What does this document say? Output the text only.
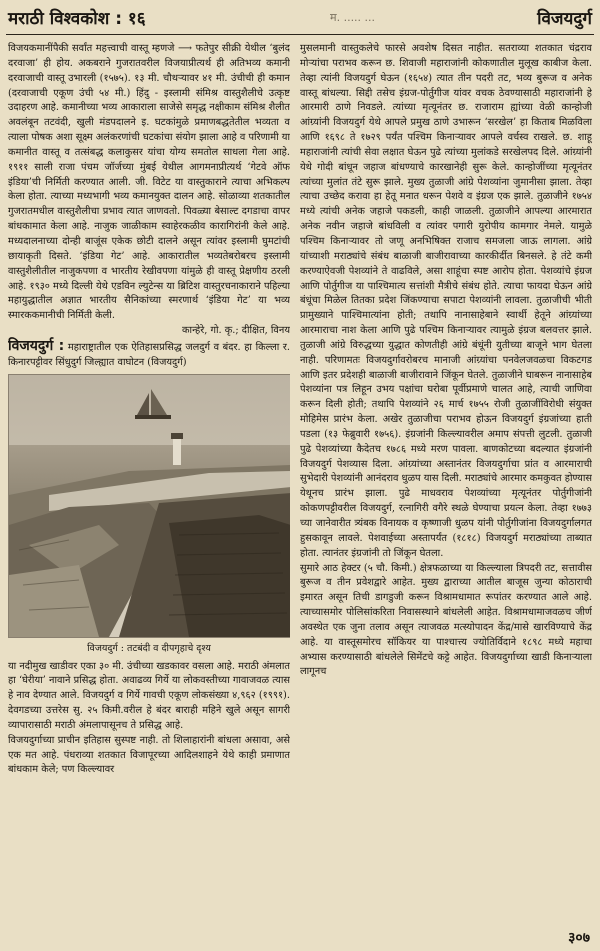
मराठी विश्वकोश : १६	म. ..... ...	विजयदुर्ग

विजयकमानींपैकी सर्वांत महत्त्वाची वास्तू म्हणजे ⟶ फतेपुर सीक्री येथील ‘बुलंद दरवाजा’ ही होय. अकबराने गुजरातवरील विजयाप्रीत्यर्थ ही अतिभव्य कमानी दरवाजाची वास्तू उभारली (१५७५). १३ मी. चौथऱ्यावर ४१ मी. उंचीची ही कमान (दरवाजाची एकूण उंची ५४ मी.) हिंदु - इस्लामी संमिश्र वास्तुशैलीचे उत्कृष्ट उदाहरण आहे. कमानीच्या भव्य आकाराला साजेसे समृद्ध नक्षीकाम संमिश्र शैलीत अवलंबून तटवंदी, खुली मंडपदालने इ. घटकांमुळे प्रमाणबद्धतेतील भव्यता व त्याला पोषक अशा सूक्ष्म अलंकरणांची घटकांचा संयोग झाला आहे व परिणामी या कमानीत वास्तू व तत्संबद्ध कलाकुसर यांचा योग्य समतोल साधला गेला आहे. १९११ साली राजा पंचम जॉर्जच्या मुंबई येथील आगमनाप्रीत्यर्थ ‘गेटवे ऑफ इंडिया’ची निर्मिती करण्यात आली. जी. विटेट या वास्तुकाराने त्याचा अभिकल्प केला होता. त्याच्या मध्यभागी भव्य कमानयुक्त दालन आहे. सोळाव्या शतकातील गुजरातमधील वास्तुशैलीचा प्रभाव त्यात जाणवतो. पिवळ्या बेसाल्ट दगडाचा वापर बांधकामात केला आहे. नाजुक जाळीकाम स्वाहेरकळीव कारागिरांनी केले आहे. मध्यदालनाच्या दोन्ही बाजूंस एकेक छोटी दालने असून त्यांवर इस्लामी घुमटांची छायाकृती दिसते. ‘इंडिया गेट’ आहे. आकारातील भव्यतेबरोबरच इस्लामी वास्तुशैलीतील नाजुकपणा व भारतीय रेखीवपणा यांमुळे ही वास्तू प्रेक्षणीय ठरली आहे. १९३० मध्ये दिल्ली येथे एडविन ल्युटेन्स या ब्रिटिश वास्तुरचनाकाराने पहिल्या महायुद्धातील अज्ञात भारतीय सैनिकांच्या स्मरणार्थ ‘इंडिया गेट’ या भव्य स्मारककमानीची निर्मिती केली.

कान्हेरे, गो. कृ.; दीक्षित, विनय

विजयदुर्ग : महाराष्ट्रातील एक ऐतिहासप्रसिद्ध जलदुर्ग व बंदर. हा किल्ला र. किनारपट्टीवर सिंधुदुर्ग जिल्ह्यात वाघोटन (विजयदुर्ग)

विजयदुर्ग : तटबंदी व दीपगृहाचे दृश्य

या नदीमुख खाडीवर एका ३० मी. उंचीच्या खडकावर वसला आहे. मराठी अंमलात हा ‘घेरीया’ नावाने प्रसिद्ध होता. अवाढव्य गिर्ये या लोकवस्तीच्या गावाजवळ त्यास हे नाव देण्यात आले. विजयदुर्ग व गिर्ये गावची एकूण लोकसंख्या ४,९६२ (१९९१). देवगडच्या उत्तरेस सु. २५ किमी.वरील हे बंदर बाराही महिने खुले असून सागरी व्यापारासाठी मराठी अंमलापासूनच ते प्रसिद्ध आहे.

विजयदुर्गाच्या प्राचीन इतिहास सुस्पष्ट नाही. तो शिलाहारांनी बांधला असावा, असे एक मत आहे. पंधराव्या शतकात विजापूरच्या आदिलशाहने येथे काही प्रमाणात बांधकाम केले; पण किल्ल्यावर

मुसलमानी वास्तुकलेचे फारसे अवशेष दिसत नाहीत. सतराव्या शतकात चंद्रराव मोऱ्यांचा पराभव करून छ. शिवाजी महाराजांनी कोकणातील मुलूख काबीज केला. तेव्हा त्यांनी विजयदुर्ग घेऊन (१६५४) त्यात तीन पदरी तट, भव्य बुरूज व अनेक वास्तू बांधल्या. सिद्दी तसेच इंग्रज-पोर्तुगीज यांवर वचक ठेवण्यासाठी महाराजांनी हे आरमारी ठाणे निवडले. त्यांच्या मृत्यूनंतर छ. राजाराम ह्यांच्या वेळी कान्होजी आंग्र्यांनी विजयदुर्ग येथे आपले प्रमुख ठाणे उभारून ‘सरखेल’ हा किताब मिळविला आणि १६९८ ते १७२९ पर्यंत पश्चिम किनाऱ्यावर आपले वर्चस्व राखले. छ. शाहू महाराजांनी त्यांची सेवा लक्षात घेऊन पुढे त्यांच्या मुलांकडे सरखेलपद दिले. आंग्र्यांनी येथे गोदी बांधून जहाज बांधण्याचे कारखानेही सुरू केले. कान्होजींच्या मृत्यूनंतर त्यांच्या मुलांत तंटे सुरू झाले. मुख्य तुळाजी आंग्रे पेशव्यांना जुमानीसा झाला. तेव्हा त्याचा उच्छेद करावा हा हेतू मनात धरून पेशवे व इंग्रज एक झाले. तुळाजीने १७५४ मध्ये त्यांची अनेक जहाजे पकडली, काही जाळली. तुळाजीने आपल्या आरमारात अनेक नवीन जहाजे बांधविली व त्यांवर पगारी युरोपीय कामगार नेमले. यामुळे पश्चिम किनाऱ्यावर तो जणू अनभिषिक्त राजाच समजला जाऊ लागला. आंग्रे यांच्याशी मराठ्यांचे संबंध बाळाजी बाजीरावाच्या कारकीर्दीत बिनसले. हे तंटे कमी करण्याऐवजी पेशव्यांने ते वाढविले, असा शाहूंचा स्पष्ट आरोप होता. पेशव्यांचे इंग्रज आणि पोर्तुगीज या पाश्चिमात्य सत्तांशी मैत्रीचे संबंध होते. त्याचा फायदा घेऊन आंग्रे बंधूंचा मिळेल तितका प्रदेश जिंकण्याचा सपाटा पेशव्यांनी लावला. तुळाजीची भीती प्रामुख्याने पाश्चिमात्यांना होती; तथापि नानासाहेबाने स्वार्थी हेतूने आंग्र्यांच्या आरमाराचा नाश केला आणि पुढे पश्चिम किनाऱ्यावर त्यामुळे इंग्रज बलवत्तर झाले. तुळाजी आंग्रे विरुद्धच्या युद्धात कोणतीही आंग्रे बंधूंनी युतीच्या बाजूने भाग घेतला नाही. परिणामतः विजयदुर्गावरोबरच मानाजी आंग्र्यांचा पनवेलजवळचा विकटगड आणि इतर प्रदेशही बाळाजी बाजीरावाने जिंकून घेतले. तुळाजीने घाबरून नानासाहेब पेशव्यांना पत्र लिहून उभय पक्षांचा घरोबा पूर्वीप्रमाणे चालत आहे, त्याची जाणिवा करून दिली होती; तथापि पेशव्यांने २६ मार्च १७५५ रोजी तुळाजींविरोधी संयुक्त मोहिमेस प्रारंभ केला. अखेर तुळाजीचा पराभव होऊन विजयदुर्ग इंग्रजांच्या हाती पडला (१३ फेब्रुवारी १७५६). इंग्रजांनी किल्ल्यावरील अमाप संपत्ती लुटली. तुळाजी पुढे पेशव्यांच्या कैदेतच १७८६ मध्ये मरण पावला. बाणकोटच्या बदल्यात इंग्रजांनी विजयदुर्ग पेशव्यास दिला. आंग्र्यांच्या अस्तानंतर विजयदुर्गाचा प्रांत व आरमाराची सुभेदारी पेशव्यांनी आनंदराव धुळप यास दिली. मराठ्यांचे आरमार कमकुवत होण्यास येथूनच प्रारंभ झाला. पुढे माधवराव पेशव्यांच्या मृत्यूनंतर पोर्तुगीजांनी कोकणपट्टीवरील विजयदुर्ग, रत्नागिरी वगैरे स्थळे घेण्याचा प्रयत्न केला. तेव्हा १७७३ च्या जानेवारीत त्र्यंबक विनायक व कृष्णाजी धुळप यांनी पोर्तुगीजांना विजयदुर्गालगत हुसकावून लावले. पेशवाईच्या अस्तापर्यंत (१८१८) विजयदुर्ग मराठ्यांच्या ताब्यात होता. त्यानंतर इंग्रजांनी तो जिंकून घेतला.

सुमारे आठ हेक्टर (५ चौ. किमी.) क्षेत्रफळाच्या या किल्ल्याला त्रिपदरी तट, सत्तावीस बुरूज व तीन प्रवेशद्वारे आहेत. मुख्य द्वाराच्या आतील बाजूस जुन्या कोठाराची इमारत असून तिची डागडुजी करून विश्रामधामात रूपांतर करण्यात आले आहे. त्याच्यासमोर पोलिसांकरिता निवासस्थाने बांधलेली आहेत. विश्रामधामाजवळच जीर्ण अवस्थेत एक जुना तलाव असून त्याजवळ मत्स्योपादन केंद्र/मासे खारविण्याचे केंद्र आहे. या वास्तूसमोरच सॉकियर या पाश्चात्त्य ज्योतिर्विदाने १८९८ मध्ये महाचा अभ्यास करण्यासाठी बांधलेले सिमेंटचे कट्टे आहेत. विजयदुर्गाच्या खाडी किनाऱ्याला लागूनच

३०७
